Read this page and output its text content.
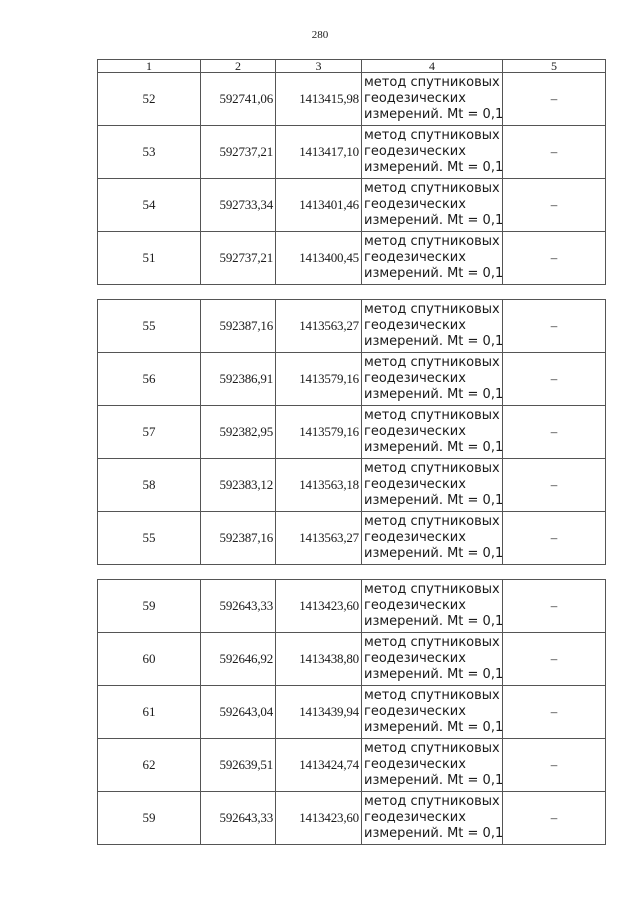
280
1	2	3	4	5
52	592741,06	1413415,98	метод спутниковых
геодезических
измерений. Mt = 0,1	–
53	592737,21	1413417,10	метод спутниковых
геодезических
измерений. Mt = 0,1	–
54	592733,34	1413401,46	метод спутниковых
геодезических
измерений. Mt = 0,1	–
51	592737,21	1413400,45	метод спутниковых
геодезических
измерений. Mt = 0,1	–

55	592387,16	1413563,27	метод спутниковых
геодезических
измерений. Mt = 0,1	–
56	592386,91	1413579,16	метод спутниковых
геодезических
измерений. Mt = 0,1	–
57	592382,95	1413579,16	метод спутниковых
геодезических
измерений. Mt = 0,1	–
58	592383,12	1413563,18	метод спутниковых
геодезических
измерений. Mt = 0,1	–
55	592387,16	1413563,27	метод спутниковых
геодезических
измерений. Mt = 0,1	–

59	592643,33	1413423,60	метод спутниковых
геодезических
измерений. Mt = 0,1	–
60	592646,92	1413438,80	метод спутниковых
геодезических
измерений. Mt = 0,1	–
61	592643,04	1413439,94	метод спутниковых
геодезических
измерений. Mt = 0,1	–
62	592639,51	1413424,74	метод спутниковых
геодезических
измерений. Mt = 0,1	–
59	592643,33	1413423,60	метод спутниковых
геодезических
измерений. Mt = 0,1	–
